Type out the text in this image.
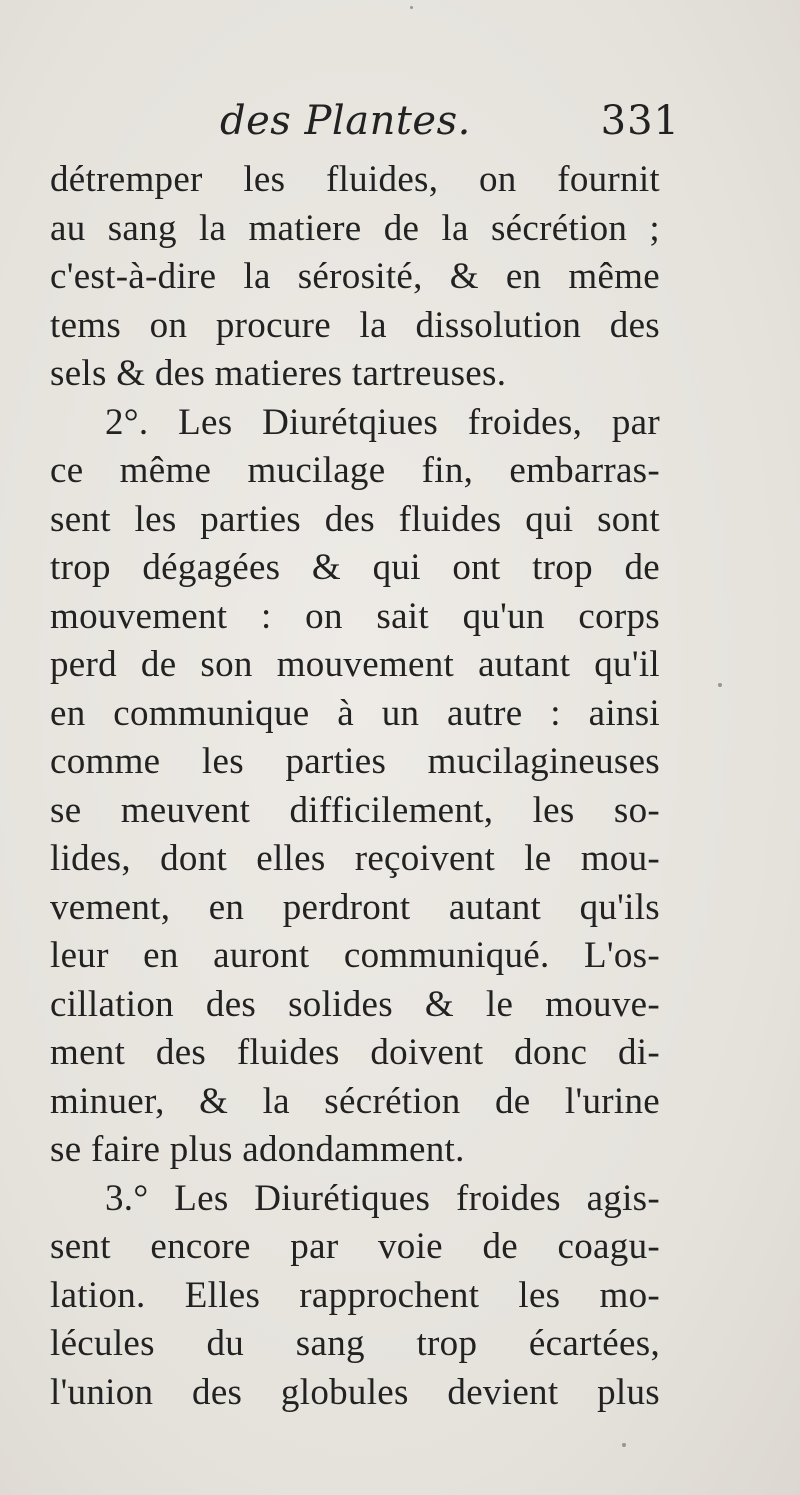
des Plantes.	331
détremper les fluides, on fournit
au sang la matiere de la sécrétion ;
c'est-à-dire la sérosité, & en même
tems on procure la dissolution des
sels & des matieres tartreuses.
2°. Les Diurétqiues froides, par
ce même mucilage fin, embarras-
sent les parties des fluides qui sont
trop dégagées & qui ont trop de
mouvement : on sait qu'un corps
perd de son mouvement autant qu'il
en communique à un autre : ainsi
comme les parties mucilagineuses
se meuvent difficilement, les so-
lides, dont elles reçoivent le mou-
vement, en perdront autant qu'ils
leur en auront communiqué. L'os-
cillation des solides & le mouve-
ment des fluides doivent donc di-
minuer, & la sécrétion de l'urine
se faire plus adondamment.
3.° Les Diurétiques froides agis-
sent encore par voie de coagu-
lation. Elles rapprochent les mo-
lécules du sang trop écartées,
l'union des globules devient plus
